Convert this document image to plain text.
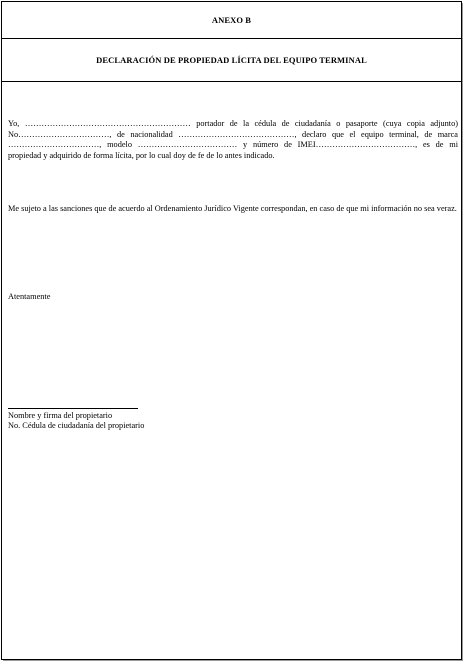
ANEXO B
DECLARACIÓN DE PROPIEDAD LÍCITA DEL EQUIPO TERMINAL
Yo, …………………………………………………… portador de la cédula de ciudadanía o pasaporte (cuya copia adjunto) No……………………………, de nacionalidad ……………………………………, declaro que el equipo terminal, de marca ……………………………, modelo ……………………………… y número de IMEI………………………………, es de mi propiedad y adquirido de forma lícita, por lo cual doy de fe de lo antes indicado.
Me sujeto a las sanciones que de acuerdo al Ordenamiento Jurídico Vigente correspondan, en caso de que mi información no sea veraz.
Atentamente
Nombre y firma del propietario
No. Cédula de ciudadanía del propietario
